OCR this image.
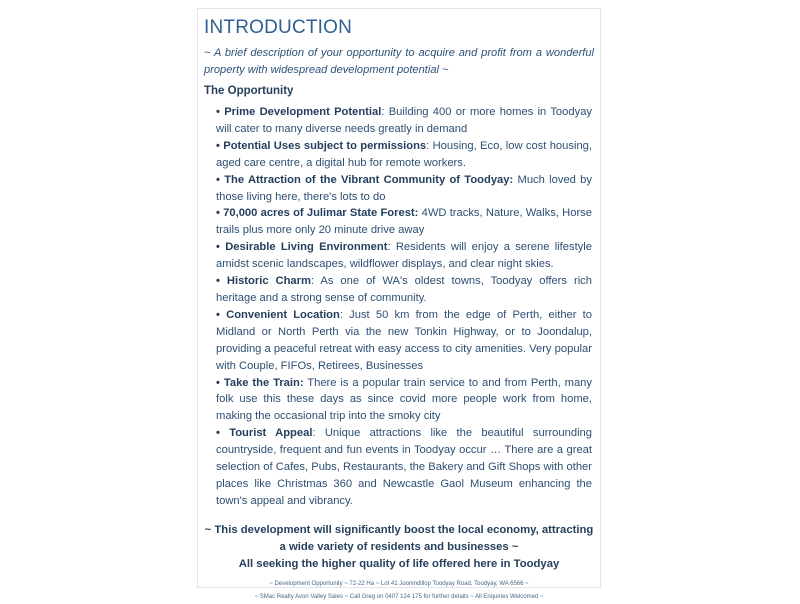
INTRODUCTION
~ A brief description of your opportunity to acquire and profit from a wonderful property with widespread development potential ~
The Opportunity
• Prime Development Potential: Building 400 or more homes in Toodyay will cater to many diverse needs greatly in demand
• Potential Uses subject to permissions: Housing, Eco, low cost housing, aged care centre, a digital hub for remote workers.
• The Attraction of the Vibrant Community of Toodyay: Much loved by those living here, there's lots to do
• 70,000 acres of Julimar State Forest: 4WD tracks, Nature, Walks, Horse trails plus more only 20 minute drive away
• Desirable Living Environment: Residents will enjoy a serene lifestyle amidst scenic landscapes, wildflower displays, and clear night skies.
• Historic Charm: As one of WA's oldest towns, Toodyay offers rich heritage and a strong sense of community.
• Convenient Location: Just 50 km from the edge of Perth, either to Midland or North Perth via the new Tonkin Highway, or to Joondalup, providing a peaceful retreat with easy access to city amenities. Very popular with Couple, FIFOs, Retirees, Businesses
• Take the Train: There is a popular train service to and from Perth, many folk use this these days as since covid more people work from home, making the occasional trip into the smoky city
• Tourist Appeal: Unique attractions like the beautiful surrounding countryside, frequent and fun events in Toodyay occur … There are a great selection of Cafes, Pubs, Restaurants, the Bakery and Gift Shops with other places like Christmas 360 and Newcastle Gaol Museum enhancing the town's appeal and vibrancy.
~ This development will significantly boost the local economy, attracting a wide variety of residents and businesses ~
All seeking the higher quality of life offered here in Toodyay
~ Development Opportunity ~ 72-22 Ha ~ Lot 41 Joonindillop Toodyay Road, Toodyay, WA 6566 ~
~ SMac Realty Avon Valley Sales ~ Call Greg on 0407 124 175 for further details ~ All Enquiries Welcomed ~
